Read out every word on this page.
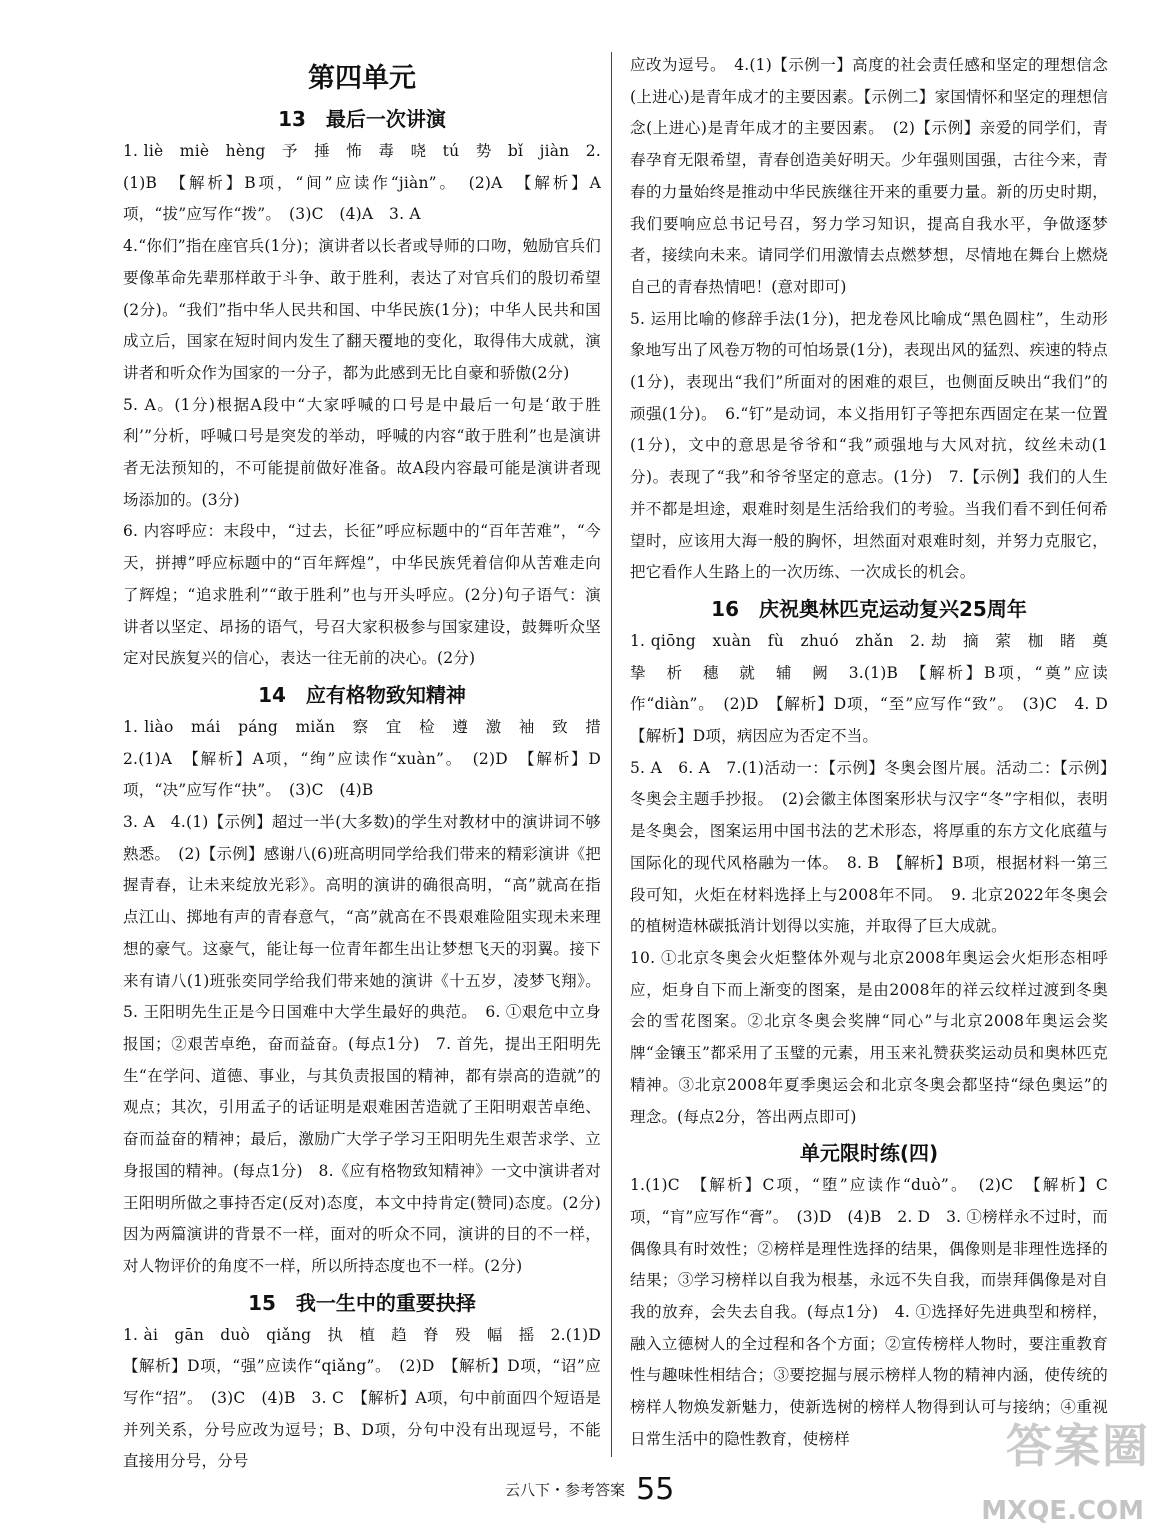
第四单元
13　最后一次讲演

1. liè　miè　hèng　予　捶　怖　毒　哓　tú　势　bǐ　jiàn　2.(1)B　【解析】B项，“间”应读作“jiàn”。　(2)A　【解析】A项，“拔”应写作“拨”。　(3)C　(4)A　3. A

4.“你们”指在座官兵(1分)；演讲者以长者或导师的口吻，勉励官兵们要像革命先辈那样敢于斗争、敢于胜利，表达了对官兵们的殷切希望(2分)。“我们”指中华人民共和国、中华民族(1分)；中华人民共和国成立后，国家在短时间内发生了翻天覆地的变化，取得伟大成就，演讲者和听众作为国家的一分子，都为此感到无比自豪和骄傲(2分)

5. A。(1分)根据A段中“大家呼喊的口号是中最后一句是‘敢于胜利’”分析，呼喊口号是突发的举动，呼喊的内容“敢于胜利”也是演讲者无法预知的，不可能提前做好准备。故A段内容最可能是演讲者现场添加的。(3分)

6. 内容呼应：末段中，“过去，长征”呼应标题中的“百年苦难”，“今天，拼搏”呼应标题中的“百年辉煌”，中华民族凭着信仰从苦难走向了辉煌；“追求胜利”“敢于胜利”也与开头呼应。(2分)句子语气：演讲者以坚定、昂扬的语气，号召大家积极参与国家建设，鼓舞听众坚定对民族复兴的信心，表达一往无前的决心。(2分)

14　应有格物致知精神

1. liào　mái　páng　miǎn　察　宜　检　遵　激　袖　致　措　2.(1)A　【解析】A项，“绚”应读作“xuàn”。　(2)D　【解析】D项，“决”应写作“抉”。　(3)C　(4)B

3. A　4.(1)【示例】超过一半(大多数)的学生对教材中的演讲词不够熟悉。　(2)【示例】感谢八(6)班高明同学给我们带来的精彩演讲《把握青春，让未来绽放光彩》。高明的演讲的确很高明，“高”就高在指点江山、掷地有声的青春意气，“高”就高在不畏艰难险阻实现未来理想的豪气。这豪气，能让每一位青年都生出让梦想飞天的羽翼。接下来有请八(1)班张奕同学给我们带来她的演讲《十五岁，凌梦飞翔》。5. 王阳明先生正是今日国难中大学生最好的典范。　6. ①艰危中立身报国；②艰苦卓绝，奋而益奋。(每点1分)　7. 首先，提出王阳明先生“在学问、道德、事业，与其负责报国的精神，都有崇高的造就”的观点；其次，引用孟子的话证明是艰难困苦造就了王阳明艰苦卓绝、奋而益奋的精神；最后，激励广大学子学习王阳明先生艰苦求学、立身报国的精神。(每点1分)　8.《应有格物致知精神》一文中演讲者对王阳明所做之事持否定(反对)态度，本文中持肯定(赞同)态度。(2分)因为两篇演讲的背景不一样，面对的听众不同，演讲的目的不一样，对人物评价的角度不一样，所以所持态度也不一样。(2分)

15　我一生中的重要抉择

1. ài　gān　duò　qiǎng　执　植　趋　脊　殁　幅　摇　2.(1)D　【解析】D项，“强”应读作“qiǎng”。　(2)D　【解析】D项，“诏”应写作“招”。　(3)C　(4)B　3. C　【解析】A项，句中前面四个短语是并列关系，分号应改为逗号；B、D项，分句中没有出现逗号，不能直接用分号，分号

应改为逗号。　4.(1)【示例一】高度的社会责任感和坚定的理想信念(上进心)是青年成才的主要因素。【示例二】家国情怀和坚定的理想信念(上进心)是青年成才的主要因素。　(2)【示例】亲爱的同学们，青春孕育无限希望，青春创造美好明天。少年强则国强，古往今来，青春的力量始终是推动中华民族继往开来的重要力量。新的历史时期，我们要响应总书记号召，努力学习知识，提高自我水平，争做逐梦者，接续向未来。请同学们用激情去点燃梦想，尽情地在舞台上燃烧自己的青春热情吧！(意对即可)

5. 运用比喻的修辞手法(1分)，把龙卷风比喻成“黑色圆柱”，生动形象地写出了风卷万物的可怕场景(1分)，表现出风的猛烈、疾速的特点(1分)，表现出“我们”所面对的困难的艰巨，也侧面反映出“我们”的顽强(1分)。　6.“钉”是动词，本义指用钉子等把东西固定在某一位置(1分)，文中的意思是爷爷和“我”顽强地与大风对抗，纹丝未动(1分)。表现了“我”和爷爷坚定的意志。(1分)　7.【示例】我们的人生并不都是坦途，艰难时刻是生活给我们的考验。当我们看不到任何希望时，应该用大海一般的胸怀，坦然面对艰难时刻，并努力克服它，把它看作人生路上的一次历练、一次成长的机会。

16　庆祝奥林匹克运动复兴25周年

1. qiōng　xuàn　fù　zhuó　zhǎn　2. 劫　摘　萦　枷　睹　奠　挚　析　穗　就　辅　阙　3.(1)B　【解析】B项，“奠”应读作“diàn”。　(2)D　【解析】D项，“至”应写作“致”。　(3)C　4. D　【解析】D项，病因应为否定不当。

5. A　6. A　7.(1)活动一：【示例】冬奥会图片展。活动二：【示例】冬奥会主题手抄报。　(2)会徽主体图案形状与汉字“冬”字相似，表明是冬奥会，图案运用中国书法的艺术形态，将厚重的东方文化底蕴与国际化的现代风格融为一体。　8. B　【解析】B项，根据材料一第三段可知，火炬在材料选择上与2008年不同。　9. 北京2022年冬奥会的植树造林碳抵消计划得以实施，并取得了巨大成就。

10. ①北京冬奥会火炬整体外观与北京2008年奥运会火炬形态相呼应，炬身自下而上渐变的图案，是由2008年的祥云纹样过渡到冬奥会的雪花图案。②北京冬奥会奖牌“同心”与北京2008年奥运会奖牌“金镶玉”都采用了玉璧的元素，用玉来礼赞获奖运动员和奥林匹克精神。③北京2008年夏季奥运会和北京冬奥会都坚持“绿色奥运”的理念。(每点2分，答出两点即可)

单元限时练(四)

1.(1)C　【解析】C项，“堕”应读作“duò”。　(2)C　【解析】C项，“肓”应写作“膏”。　(3)D　(4)B　2. D　3. ①榜样永不过时，而偶像具有时效性；②榜样是理性选择的结果，偶像则是非理性选择的结果；③学习榜样以自我为根基，永远不失自我，而崇拜偶像是对自我的放弃，会失去自我。(每点1分)　4. ①选择好先进典型和榜样，融入立德树人的全过程和各个方面；②宣传榜样人物时，要注重教育性与趣味性相结合；③要挖掘与展示榜样人物的精神内涵，使传统的榜样人物焕发新魅力，使新选树的榜样人物得到认可与接纳；④重视日常生活中的隐性教育，使榜样

云八下・参考答案 55
答案圈
MXQE.COM
